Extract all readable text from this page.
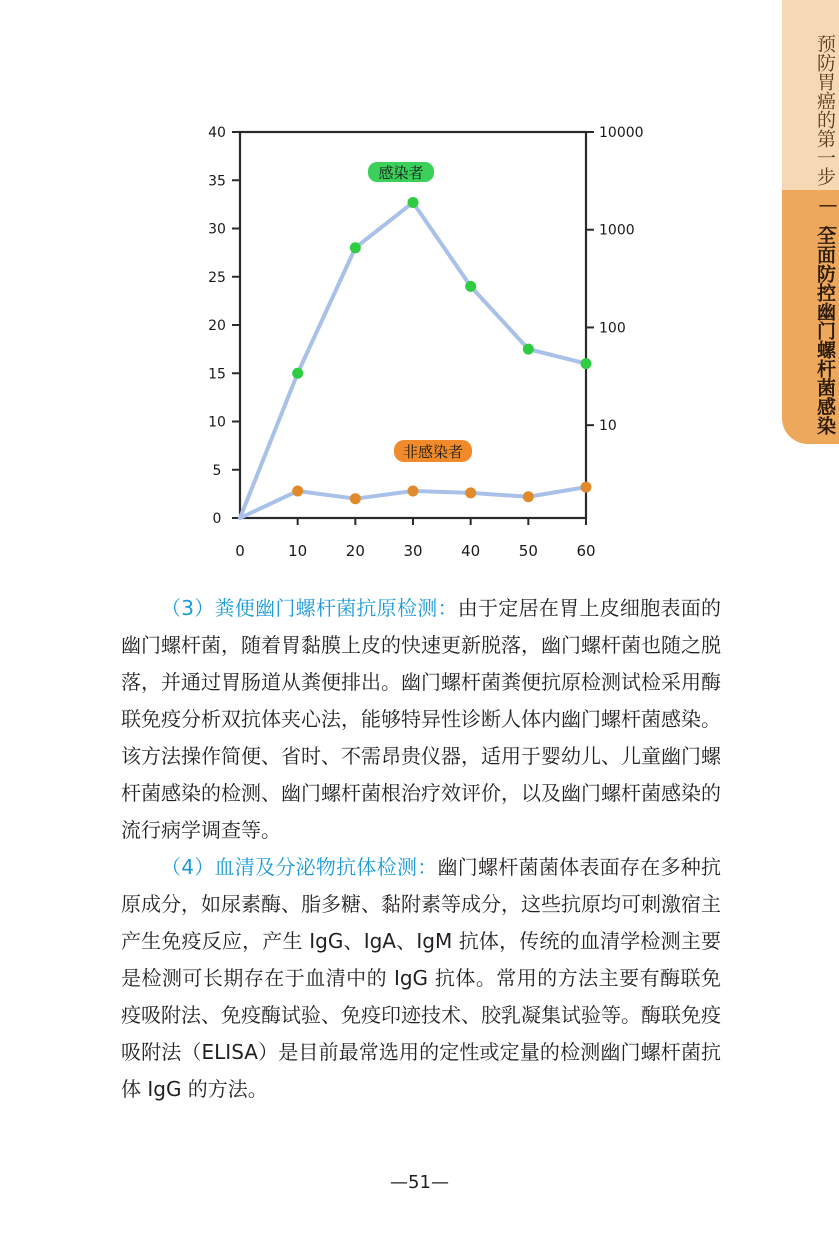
预防胃癌的第一步
——
全面防控幽门螺杆菌感染
0
5
10
15
20
25
30
35
40	10000
1000
100
10
0	10	20	30	40	50	60
感染者
非感染者

（3）粪便幽门螺杆菌抗原检测：由于定居在胃上皮细胞表面的幽门螺杆菌，随着胃黏膜上皮的快速更新脱落，幽门螺杆菌也随之脱落，并通过胃肠道从粪便排出。幽门螺杆菌粪便抗原检测试检采用酶联免疫分析双抗体夹心法，能够特异性诊断人体内幽门螺杆菌感染。该方法操作简便、省时、不需昂贵仪器，适用于婴幼儿、儿童幽门螺杆菌感染的检测、幽门螺杆菌根治疗效评价，以及幽门螺杆菌感染的流行病学调查等。

（4）血清及分泌物抗体检测：幽门螺杆菌菌体表面存在多种抗原成分，如尿素酶、脂多糖、黏附素等成分，这些抗原均可刺激宿主产生免疫反应，产生 IgG、IgA、IgM 抗体，传统的血清学检测主要是检测可长期存在于血清中的 IgG 抗体。常用的方法主要有酶联免疫吸附法、免疫酶试验、免疫印迹技术、胶乳凝集试验等。酶联免疫吸附法（ELISA）是目前最常选用的定性或定量的检测幽门螺杆菌抗体 IgG 的方法。

—51—
